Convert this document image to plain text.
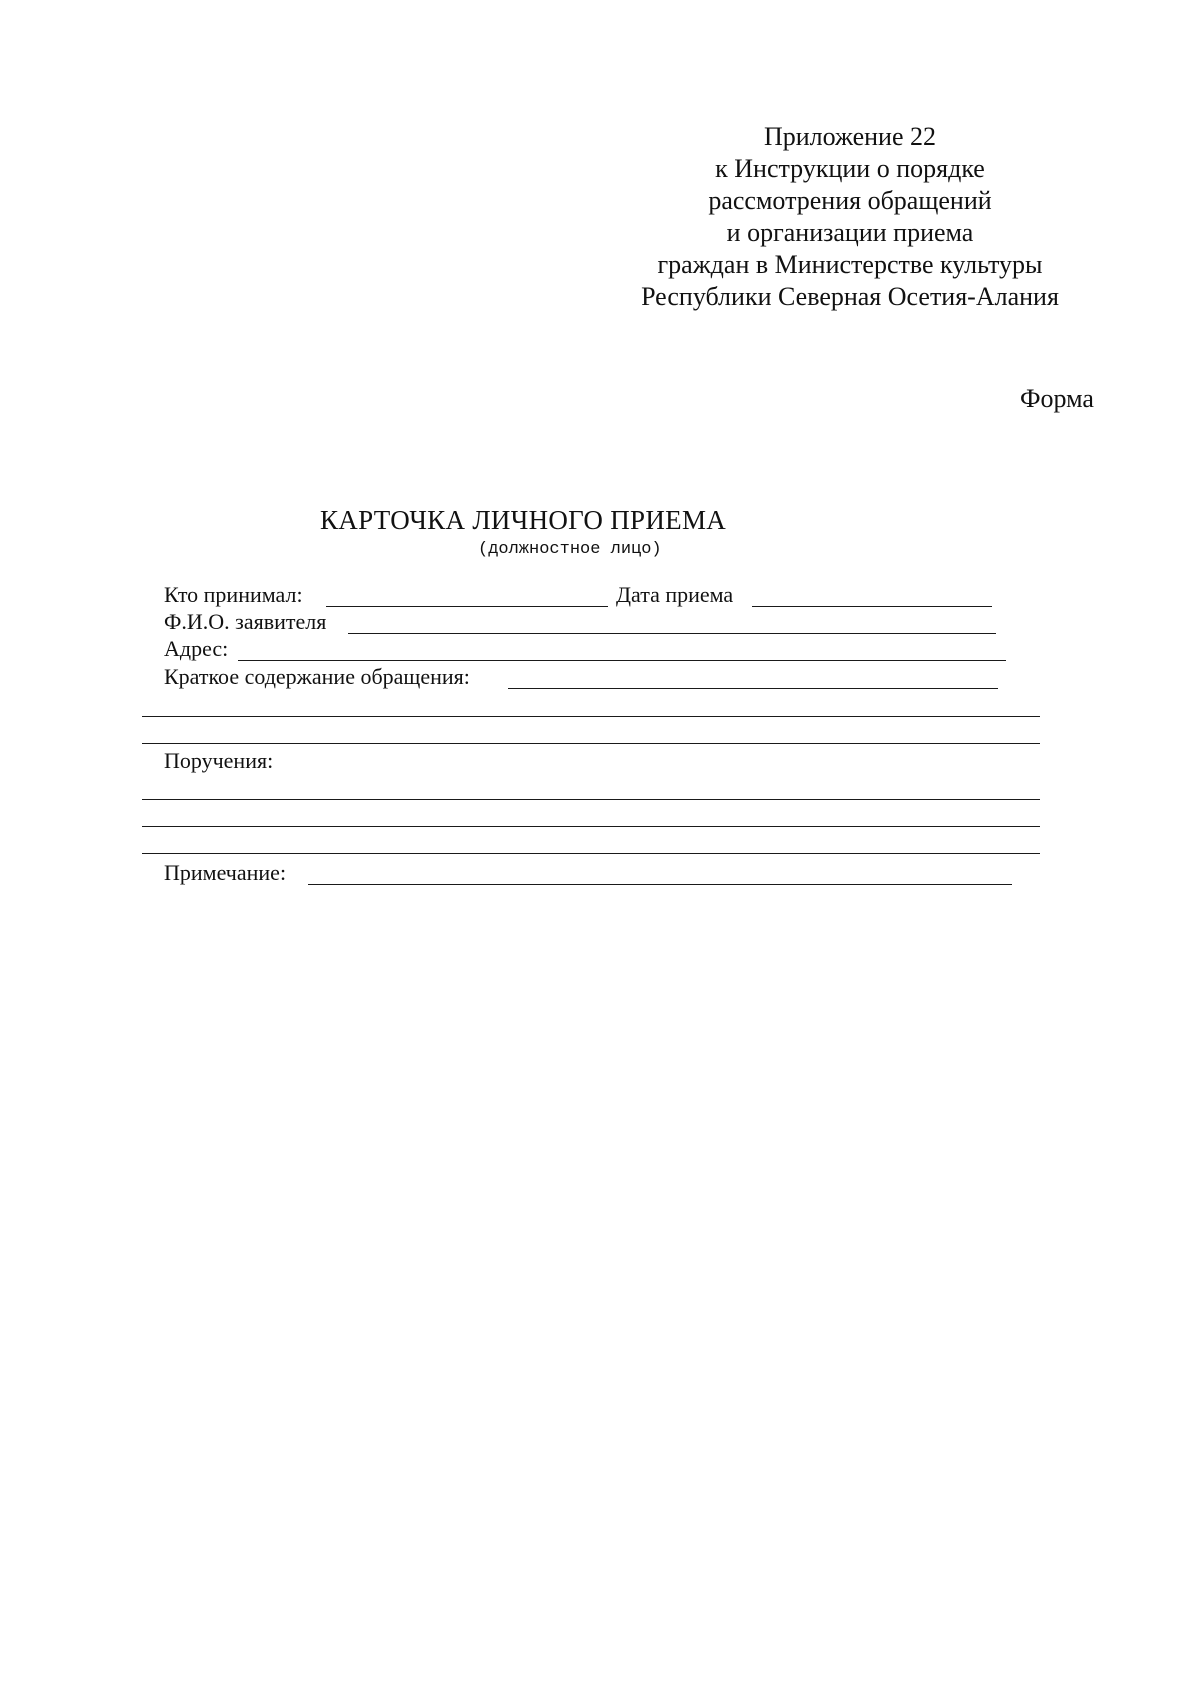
Приложение 22
к Инструкции о порядке
рассмотрения обращений
и организации приема
граждан в Министерстве культуры
Республики Северная Осетия-Алания
Форма
КАРТОЧКА ЛИЧНОГО ПРИЕМА
(должностное лицо)
Кто принимал:	Дата приема
Ф.И.О. заявителя
Адрес:
Краткое содержание обращения:
Поручения:
Примечание:
